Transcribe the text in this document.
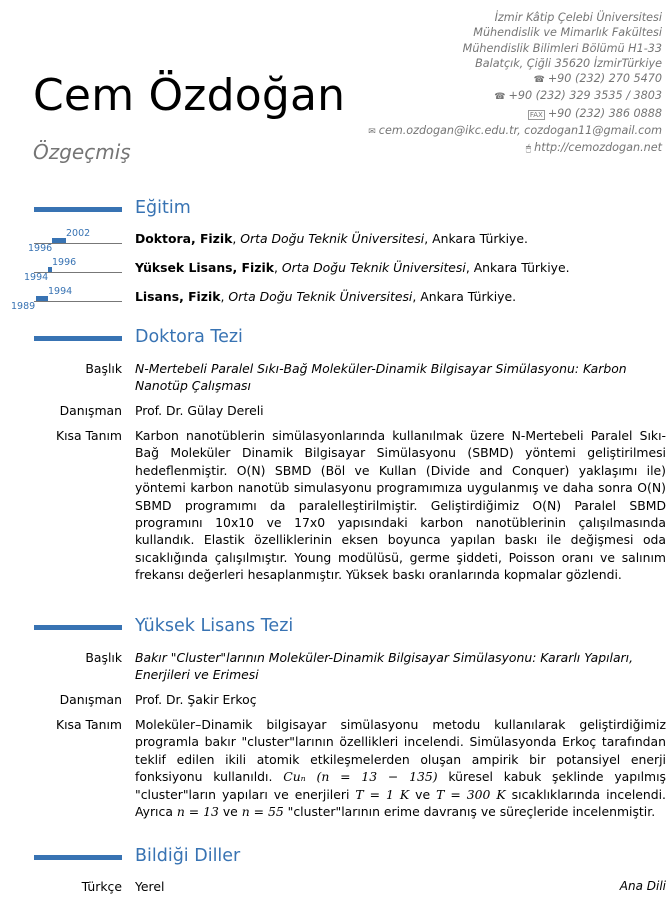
İzmir Kâtip Çelebi Üniversitesi
Mühendislik ve Mimarlık Fakültesi
Mühendislik Bilimleri Bölümü H1-33
Balatçık, Çiğli 35620 İzmirTürkiye
☎ +90 (232) 270 5470
☎ +90 (232) 329 3535 / 3803
FAX +90 (232) 386 0888
✉ cem.ozdogan@ikc.edu.tr, cozdogan11@gmail.com
🖱 http://cemozdogan.net
Cem Özdoğan
Özgeçmiş
Eğitim
2002
1996
1996
1994
1994
1989
Doktora, Fizik, Orta Doğu Teknik Üniversitesi, Ankara Türkiye.
Yüksek Lisans, Fizik, Orta Doğu Teknik Üniversitesi, Ankara Türkiye.
Lisans, Fizik, Orta Doğu Teknik Üniversitesi, Ankara Türkiye.
Doktora Tezi
Başlık N-Mertebeli Paralel Sıkı-Bağ Moleküler-Dinamik Bilgisayar Simülasyonu: Karbon Nanotüp Çalışması
Danışman Prof. Dr. Gülay Dereli
Kısa Tanım Karbon nanotüblerin simülasyonlarında kullanılmak üzere N-Mertebeli Paralel Sıkı-Bağ Moleküler Dinamik Bilgisayar Simülasyonu (SBMD) yöntemi geliştirilmesi hedeflenmiştir. O(N) SBMD (Böl ve Kullan (Divide and Conquer) yaklaşımı ile) yöntemi karbon nanotüb simulasyonu programımıza uygulanmış ve daha sonra O(N) SBMD programımı da paralelleştirilmiştir. Geliştirdiğimiz O(N) Paralel SBMD programını 10x10 ve 17x0 yapısındaki karbon nanotüblerinin çalışılmasında kullandık. Elastik özelliklerinin eksen boyunca yapılan baskı ile değişmesi oda sıcaklığında çalışılmıştır. Young modülüsü, germe şiddeti, Poisson oranı ve salınım frekansı değerleri hesaplanmıştır. Yüksek baskı oranlarında kopmalar gözlendi.
Yüksek Lisans Tezi
Başlık Bakır "Cluster"larının Moleküler-Dinamik Bilgisayar Simülasyonu: Kararlı Yapıları, Enerjileri ve Erimesi
Danışman Prof. Dr. Şakir Erkoç
Kısa Tanım Moleküler–Dinamik bilgisayar simülasyonu metodu kullanılarak geliştirdiğimiz programla bakır "cluster"larının özellikleri incelendi. Simülasyonda Erkoç tarafından teklif edilen ikili atomik etkileşmelerden oluşan ampirik bir potansiyel enerji fonksiyonu kullanıldı. Cuₙ (n = 13 − 135) küresel kabuk şeklinde yapılmış "cluster"ların yapıları ve enerjileri T = 1 K ve T = 300 K sıcaklıklarında incelendi. Ayrıca n = 13 ve n = 55 "cluster"larının erime davranış ve süreçleride incelenmiştir.
Bildiği Diller
Türkçe Yerel	Ana Dili
